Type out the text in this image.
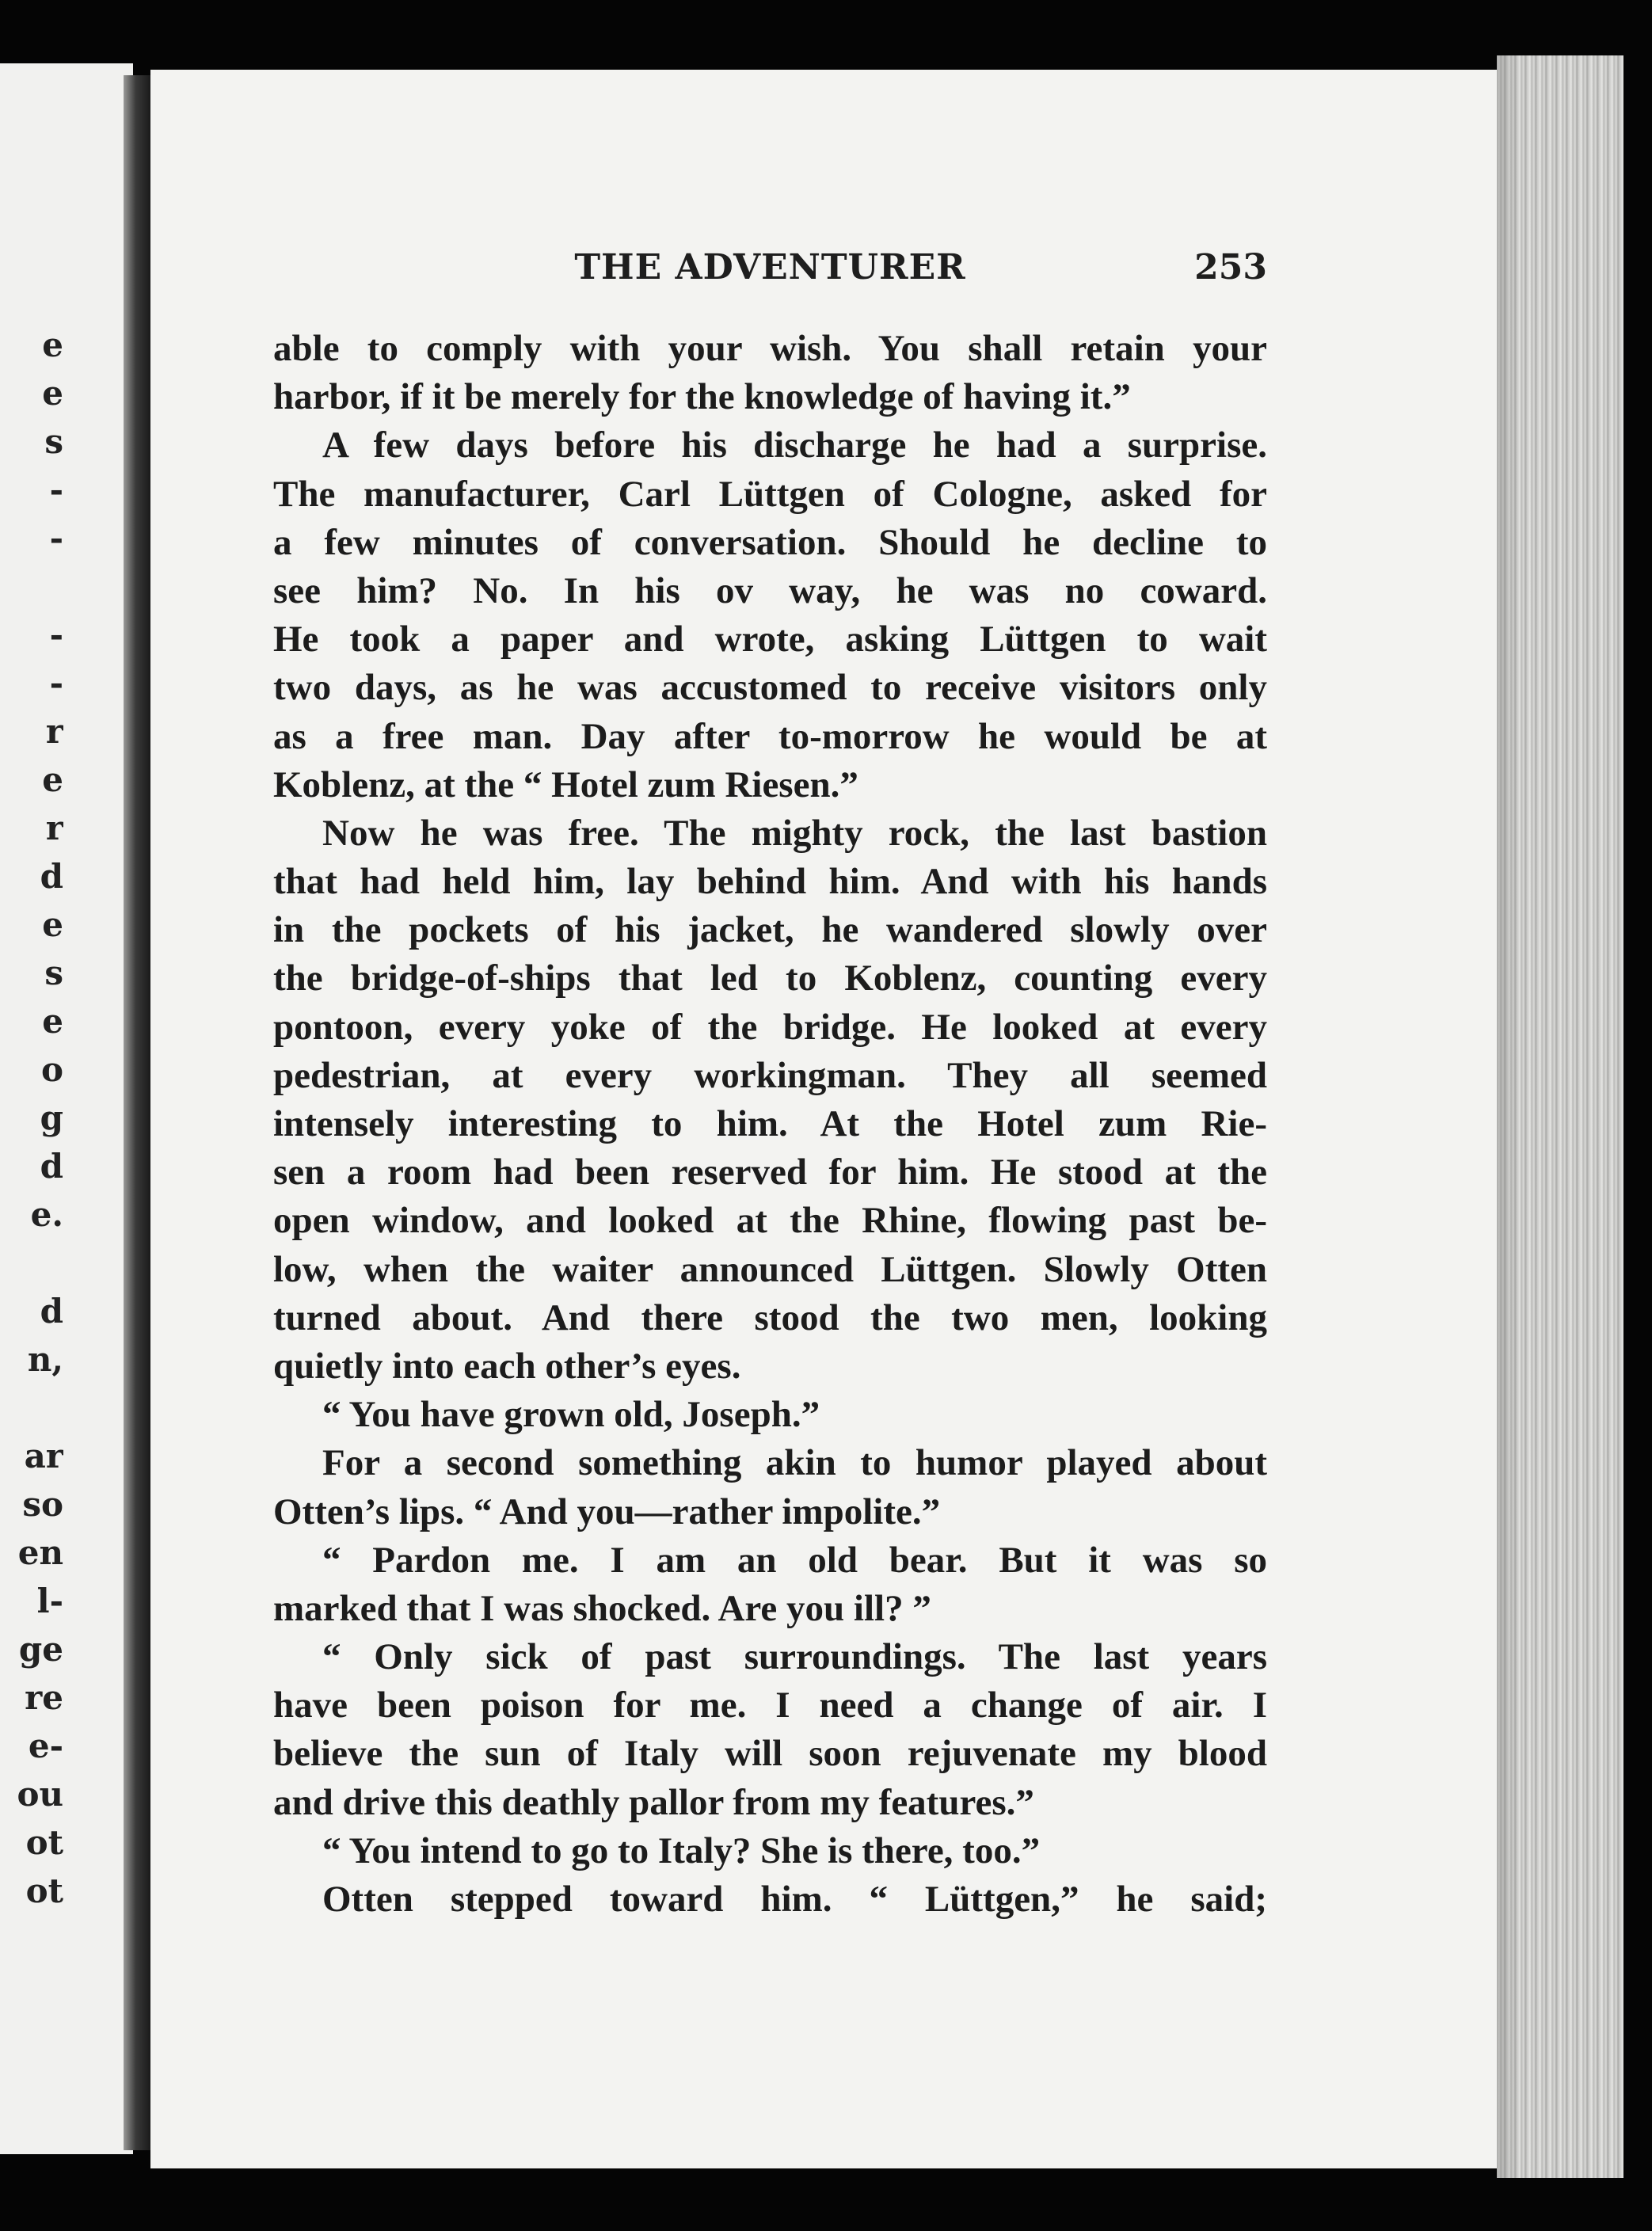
e
e
s
-
-
-
-
r
e
r
d
e
s
e
o
g
d
e.
d
n,
ar
so
en
l-
ge
re
e-
ou
ot
ot
THE ADVENTURER	253
able to comply with your wish. You shall retain your
harbor, if it be merely for the knowledge of having it.”
A few days before his discharge he had a surprise.
The manufacturer, Carl Lüttgen of Cologne, asked for
a few minutes of conversation. Should he decline to
see him? No. In his ov way, he was no coward.
He took a paper and wrote, asking Lüttgen to wait
two days, as he was accustomed to receive visitors only
as a free man. Day after to-morrow he would be at
Koblenz, at the “ Hotel zum Riesen.”
Now he was free. The mighty rock, the last bastion
that had held him, lay behind him. And with his hands
in the pockets of his jacket, he wandered slowly over
the bridge-of-ships that led to Koblenz, counting every
pontoon, every yoke of the bridge. He looked at every
pedestrian, at every workingman. They all seemed
intensely interesting to him. At the Hotel zum Rie-
sen a room had been reserved for him. He stood at the
open window, and looked at the Rhine, flowing past be-
low, when the waiter announced Lüttgen. Slowly Otten
turned about. And there stood the two men, looking
quietly into each other’s eyes.
“ You have grown old, Joseph.”
For a second something akin to humor played about
Otten’s lips. “ And you—rather impolite.”
“ Pardon me. I am an old bear. But it was so
marked that I was shocked. Are you ill? ”
“ Only sick of past surroundings. The last years
have been poison for me. I need a change of air. I
believe the sun of Italy will soon rejuvenate my blood
and drive this deathly pallor from my features.”
“ You intend to go to Italy? She is there, too.”
Otten stepped toward him. “ Lüttgen,” he said;
